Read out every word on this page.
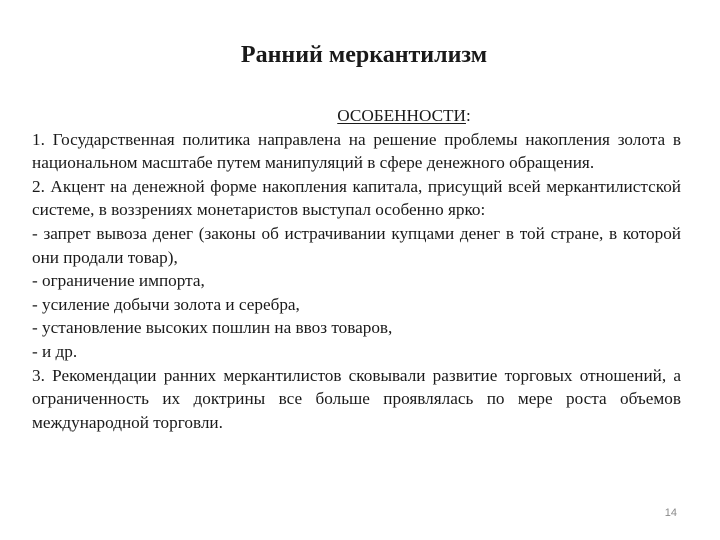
Ранний меркантилизм
ОСОБЕННОСТИ:

1. Государственная политика направлена на решение проблемы накопления золота в национальном масштабе путем манипуляций в сфере денежного обращения.

2. Акцент на денежной форме накопления капитала, присущий всей меркантилистской системе, в воззрениях монетаристов выступал особенно ярко:

- запрет вывоза денег (законы об истрачивании купцами денег в той стране, в которой они продали товар),

- ограничение импорта,

- усиление добычи золота и серебра,

- установление высоких пошлин на ввоз товаров,

- и др.

3. Рекомендации ранних меркантилистов сковывали развитие торговых отношений, а ограниченность их доктрины все больше проявлялась по мере роста объемов международной торговли.

14
